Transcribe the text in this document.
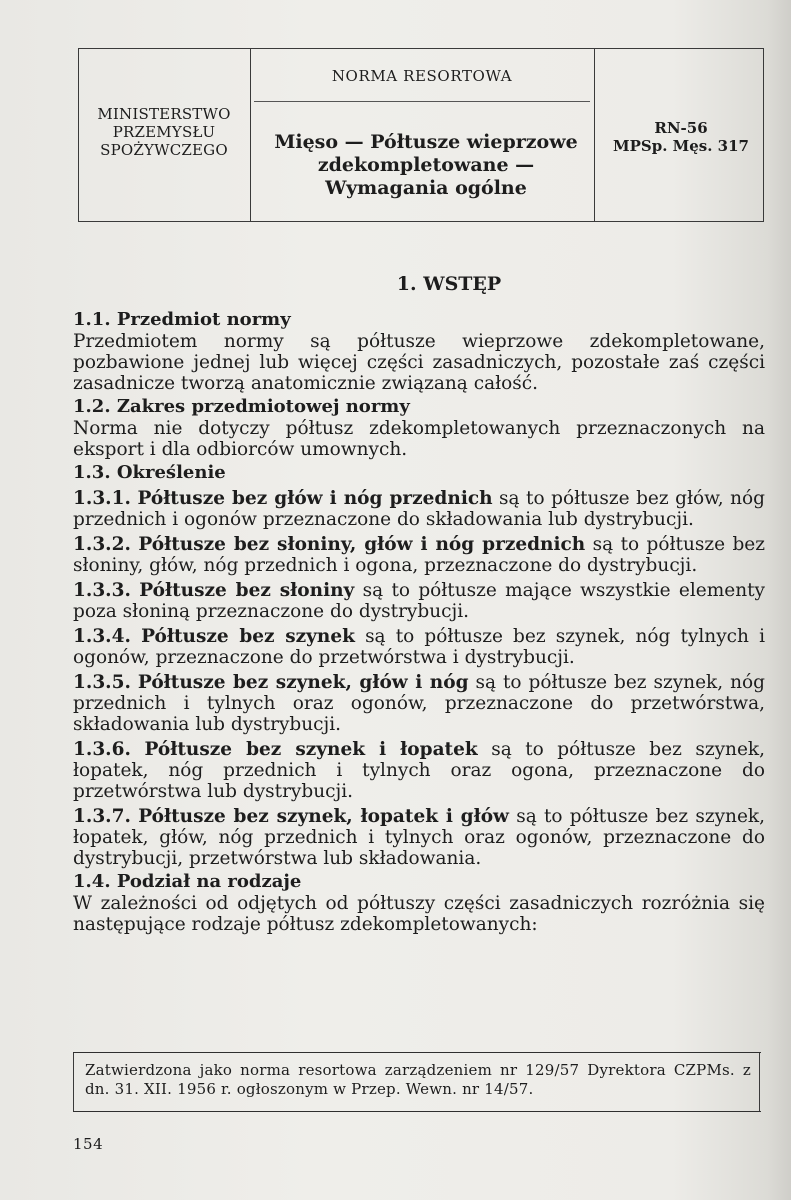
MINISTERSTWO
PRZEMYSŁU
SPOŻYWCZEGO
NORMA RESORTOWA
Mięso — Półtusze wieprzowe
zdekompletowane —
Wymagania ogólne
RN-56
MPSp. Męs. 317
1. WSTĘP
1.1. Przedmiot normy

Przedmiotem normy są półtusze wieprzowe zdekompletowane, pozbawione jednej lub więcej części zasadniczych, pozostałe zaś części zasadnicze tworzą anatomicznie związaną całość.

1.2. Zakres przedmiotowej normy

Norma nie dotyczy półtusz zdekompletowanych przeznaczonych na eksport i dla odbiorców umownych.

1.3. Określenie

1.3.1. Półtusze bez głów i nóg przednich są to półtusze bez głów, nóg przednich i ogonów przeznaczone do składowania lub dystrybucji.

1.3.2. Półtusze bez słoniny, głów i nóg przednich są to półtusze bez słoniny, głów, nóg przednich i ogona, przeznaczone do dystrybucji.

1.3.3. Półtusze bez słoniny są to półtusze mające wszystkie elementy poza słoniną przeznaczone do dystrybucji.

1.3.4. Półtusze bez szynek są to półtusze bez szynek, nóg tylnych i ogonów, przeznaczone do przetwórstwa i dystrybucji.

1.3.5. Półtusze bez szynek, głów i nóg są to półtusze bez szynek, nóg przednich i tylnych oraz ogonów, przeznaczone do przetwórstwa, składowania lub dystrybucji.

1.3.6. Półtusze bez szynek i łopatek są to półtusze bez szynek, łopatek, nóg przednich i tylnych oraz ogona, przeznaczone do przetwórstwa lub dystrybucji.

1.3.7. Półtusze bez szynek, łopatek i głów są to półtusze bez szynek, łopatek, głów, nóg przednich i tylnych oraz ogonów, przeznaczone do dystrybucji, przetwórstwa lub składowania.

1.4. Podział na rodzaje

W zależności od odjętych od półtuszy części zasadniczych rozróżnia się następujące rodzaje półtusz zdekompletowanych:

Zatwierdzona jako norma resortowa zarządzeniem nr 129/57 Dyrektora CZPMs. z dn. 31. XII. 1956 r. ogłoszonym w Przep. Wewn. nr 14/57.

154
